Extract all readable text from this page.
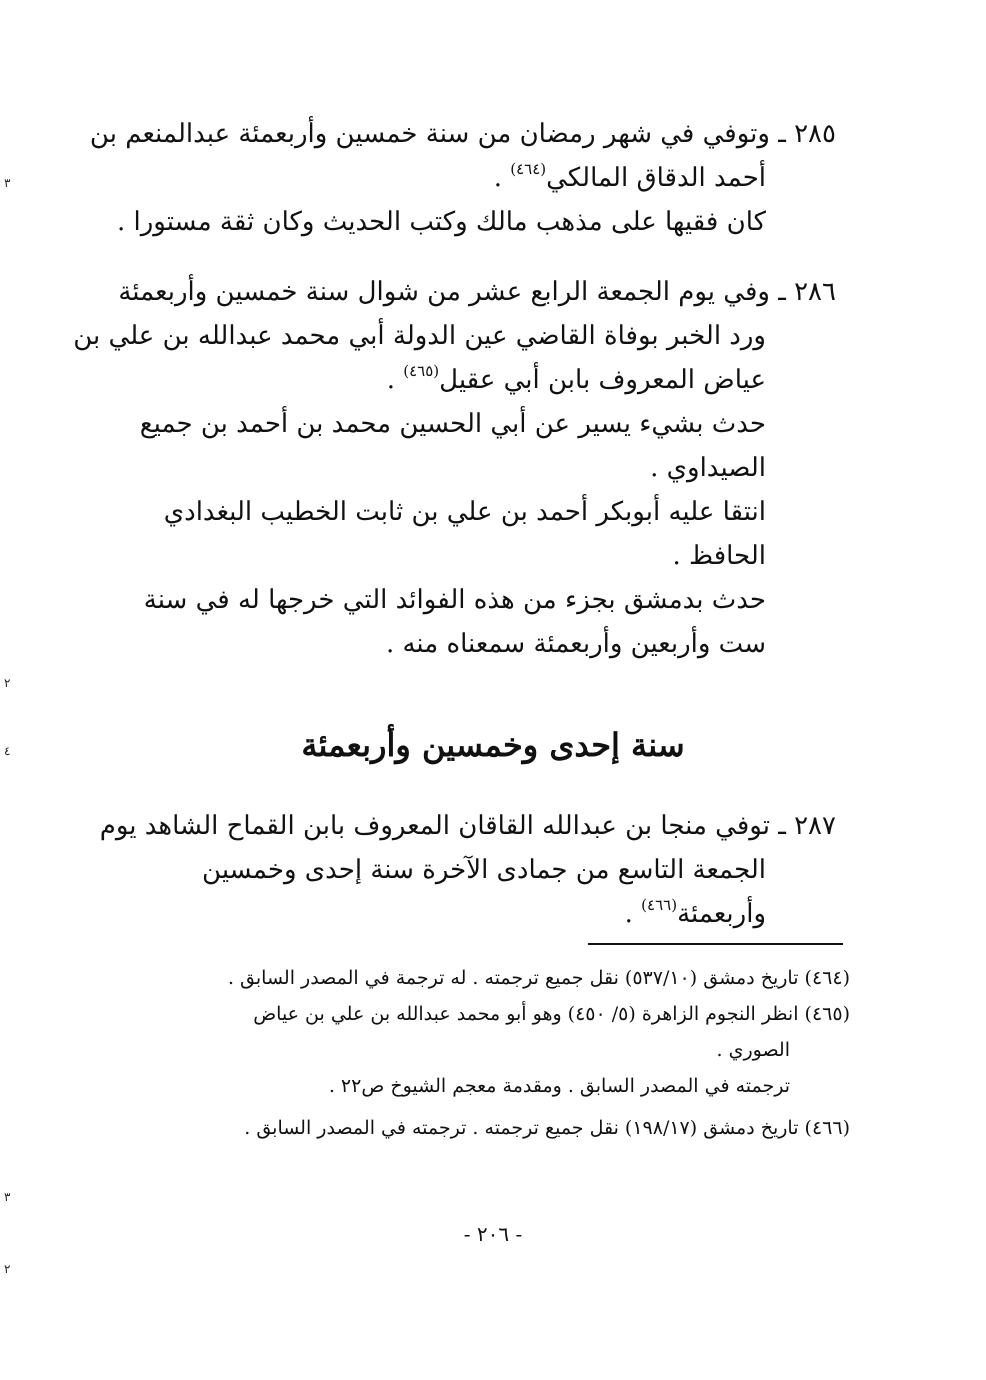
٣
٢
٤
٣
٢
٢٨٥ ـ وتوفي في شهر رمضان من سنة خمسين وأربعمئة عبدالمنعم بن
أحمد الدقاق المالكي$^{(٤٦٤)}$ .
كان فقيها على مذهب مالك وكتب الحديث وكان ثقة مستورا .
٢٨٦ ـ وفي يوم الجمعة الرابع عشر من شوال سنة خمسين وأربعمئة
ورد الخبر بوفاة القاضي عين الدولة أبي محمد عبدالله بن علي بن
عياض المعروف بابن أبي عقيل$^{(٤٦٥)}$ .
حدث بشيء يسير عن أبي الحسين محمد بن أحمد بن جميع
الصيداوي .
انتقا عليه أبوبكر أحمد بن علي بن ثابت الخطيب البغدادي
الحافظ .
حدث بدمشق بجزء من هذه الفوائد التي خرجها له في سنة
ست وأربعين وأربعمئة سمعناه منه .
سنة إحدى وخمسين وأربعمئة
٢٨٧ ـ توفي منجا بن عبدالله القاقان المعروف بابن القماح الشاهد يوم
الجمعة التاسع من جمادى الآخرة سنة إحدى وخمسين
وأربعمئة$^{(٤٦٦)}$ .
(٤٦٤) تاريخ دمشق (٥٣٧/١٠) نقل جميع ترجمته . له ترجمة في المصدر السابق .
(٤٦٥) انظر النجوم الزاهرة (٥/ ٤٥٠) وهو أبو محمد عبدالله بن علي بن عياض
الصوري .
ترجمته في المصدر السابق . ومقدمة معجم الشيوخ ص٢٢ .
(٤٦٦) تاريخ دمشق (١٩٨/١٧) نقل جميع ترجمته . ترجمته في المصدر السابق .
- ٢٠٦ -
